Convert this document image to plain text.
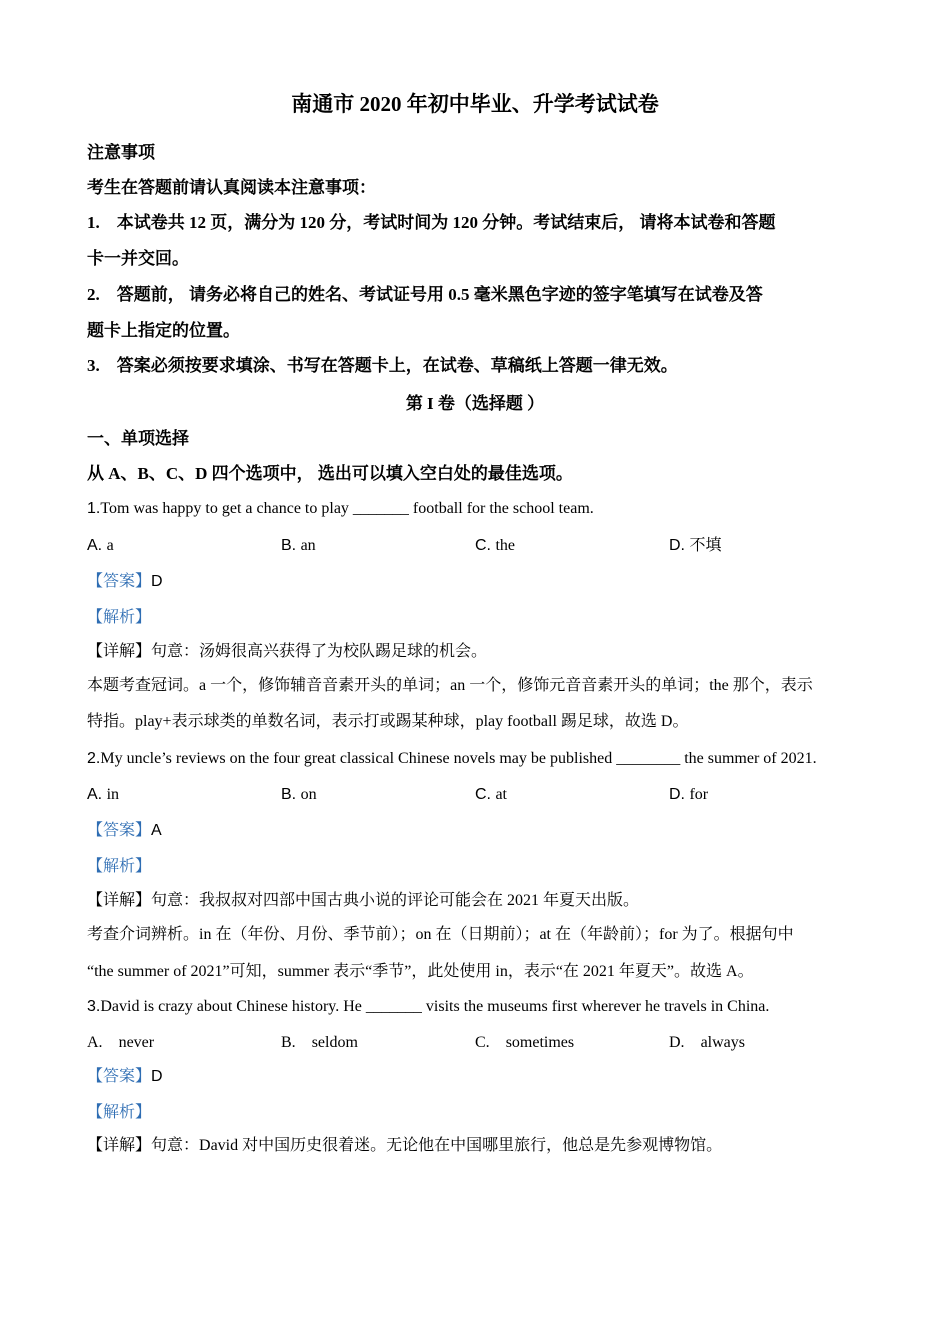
南通市 2020 年初中毕业、升学考试试卷
注意事项
考生在答题前请认真阅读本注意事项：
1.　本试卷共 12 页，满分为 120 分，考试时间为 120 分钟。考试结束后， 请将本试卷和答题
卡一并交回。
2.　答题前， 请务必将自己的姓名、考试证号用 0.5 毫米黑色字迹的签字笔填写在试卷及答
题卡上指定的位置。
3.　答案必须按要求填涂、书写在答题卡上，在试卷、草稿纸上答题一律无效。
第 I 卷（选择题 ）
一、单项选择
从 A、B、C、D 四个选项中， 选出可以填入空白处的最佳选项。
1.Tom was happy to get a chance to play _______ football for the school team.
A. a	B. an	C. the	D. 不填
【答案】D
【解析】
【详解】句意：汤姆很高兴获得了为校队踢足球的机会。
本题考查冠词。a 一个，修饰辅音音素开头的单词；an 一个，修饰元音音素开头的单词；the 那个，表示
特指。play+表示球类的单数名词，表示打或踢某种球，play football 踢足球，故选 D。
2.My uncle’s reviews on the four great classical Chinese novels may be published ________ the summer of 2021.
A. in	B. on	C. at	D. for
【答案】A
【解析】
【详解】句意：我叔叔对四部中国古典小说的评论可能会在 2021 年夏天出版。
考查介词辨析。in 在（年份、月份、季节前）；on 在（日期前）；at 在（年龄前）；for 为了。根据句中
“the summer of 2021”可知，summer 表示“季节”，此处使用 in，表示“在 2021 年夏天”。故选 A。
3.David is crazy about Chinese history. He _______ visits the museums first wherever he travels in China.
A.　never	B.　seldom	C.　sometimes	D.　always
【答案】D
【解析】
【详解】句意：David 对中国历史很着迷。无论他在中国哪里旅行，他总是先参观博物馆。
